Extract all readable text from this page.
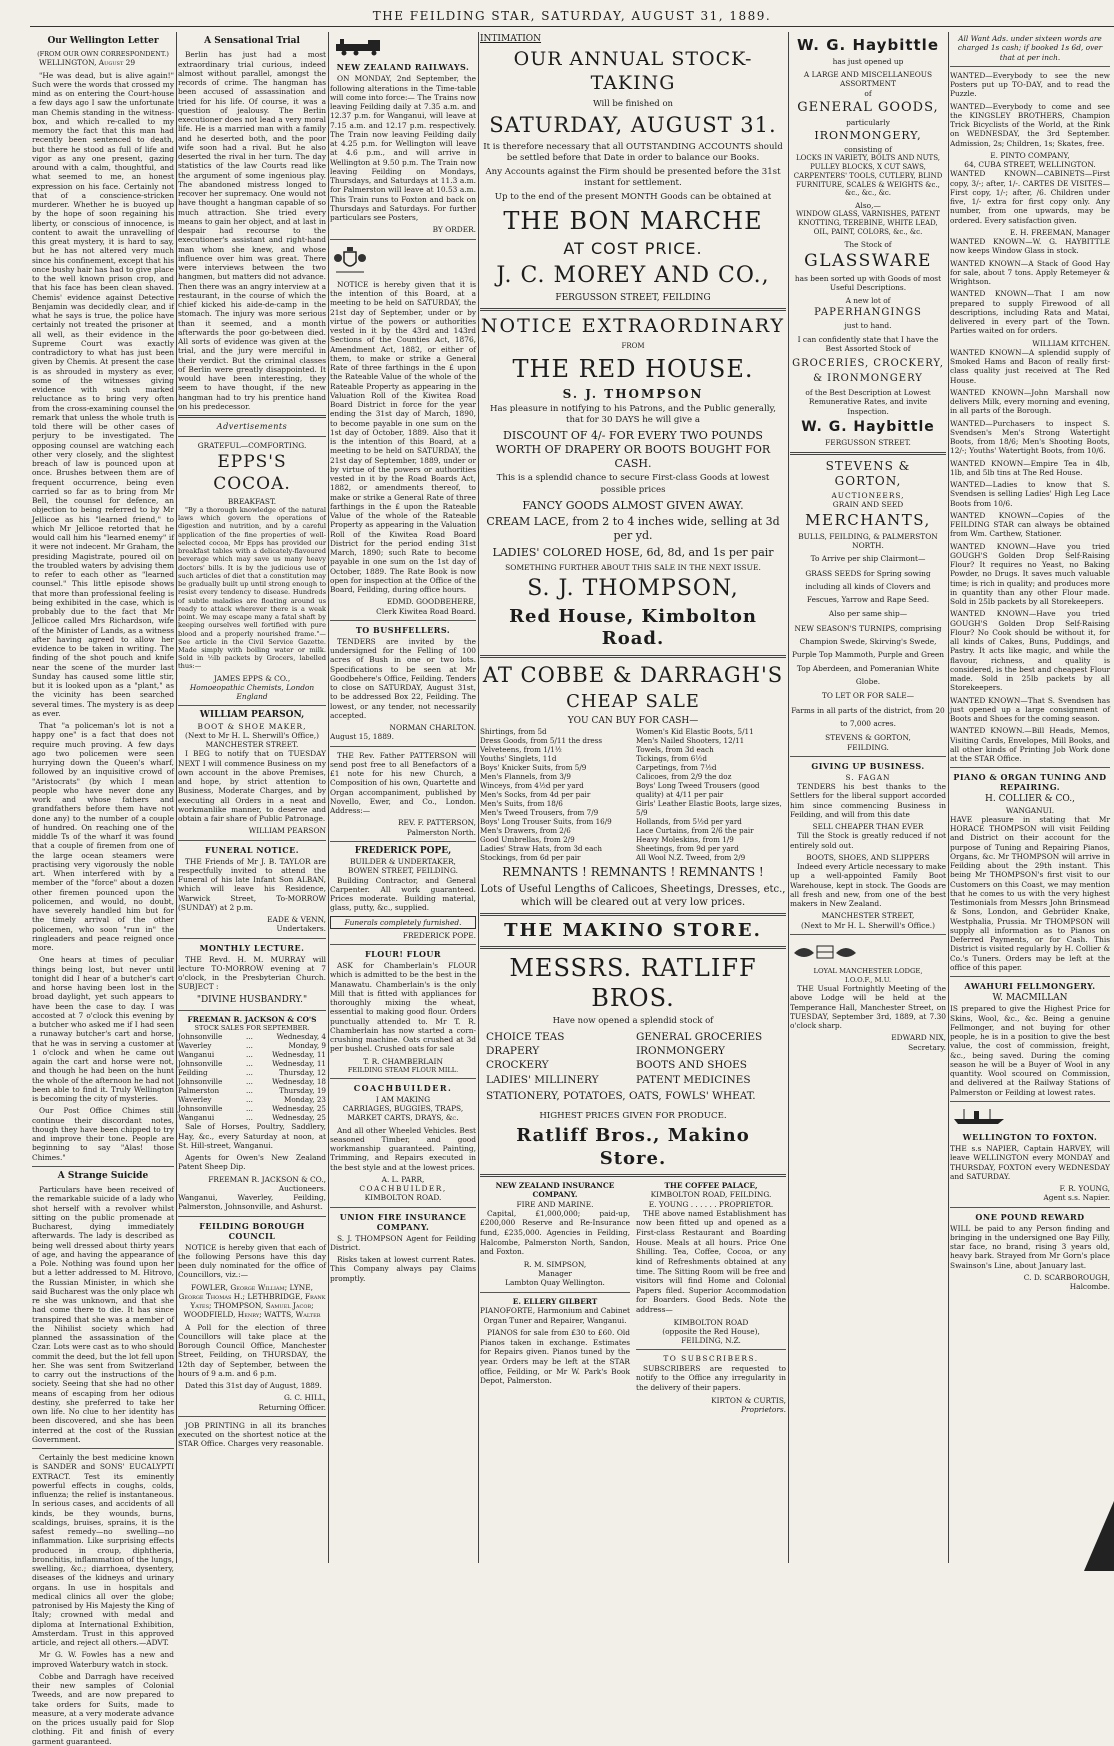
THE FEILDING STAR, SATURDAY, AUGUST 31, 1889.
Our Wellington Letter
(FROM OUR OWN CORRESPONDENT.)

WELLINGTON, August 29

"He was dead, but is alive again!" Such were the words that crossed my mind as on entering the Court-house a few days ago I saw the unfortunate man Chemis standing in the witness-box, and which re-called to my memory the fact that this man had recently been sentenced to death, but there he stood as full of life and vigor as any one present, gazing around with a calm, thoughtful, and what seemed to me, an honest expression on his face. Certainly not that of a conscience-stricken murderer. Whether he is buoyed up by the hope of soon regaining his liberty, or conscious of innocence, is content to await the unravelling of this great mystery, it is hard to say, but he has not altered very much since his confinement, except that his once bushy hair has had to give place to the well known prison crop, and that his face has been clean shaved. Chemis' evidence against Detective Benjamin was decidedly clear, and if what he says is true, the police have certainly not treated the prisoner at all well, as their evidence in the Supreme Court was exactly contradictory to what has just been given by Chemis. At present the case is as shrouded in mystery as ever, some of the witnesses giving evidence with such marked reluctance as to bring very often from the cross-examining counsel the remark that unless the whole truth is told there will be other cases of perjury to be investigated. The opposing counsel are watching each other very closely, and the slightest breach of law is pounced upon at once. Brushes between them are of frequent occurrence, being even carried so far as to bring from Mr Bell, the counsel for defence, an objection to being referred to by Mr Jellicoe as his "learned friend," to which Mr Jellicoe retorted that he would call him his "learned enemy" if it were not indecent. Mr Graham, the presiding Magistrate, poured oil on the troubled waters by advising them to refer to each other as "learned counsel." This little episode shows that more than professional feeling is being exhibited in the case, which is probably due to the fact that Mr Jellicoe called Mrs Richardson, wife of the Minister of Lands, as a witness after having agreed to allow her evidence to be taken in writing. The finding of the shot pouch and knife near the scene of the murder last Sunday has caused some little stir, but it is looked upon as a "plant," as the vicinity has been searched several times. The mystery is as deep as ever.

That "a policeman's lot is not a happy one" is a fact that does not require much proving. A few days ago two policemen were seen hurrying down the Queen's wharf, followed by an inquisitive crowd of "Aristocrats" (by which I mean people who have never done any work and whose fathers and grandfathers before them have not done any) to the number of a couple of hundred. On reaching one of the middle Ts of the wharf it was found that a couple of firemen from one of the large ocean steamers were practising very vigorously the noble art. When interfered with by a member of the "force" about a dozen other firemen pounced upon the policemen, and would, no doubt, have severely handled him but for the timely arrival of the other policemen, who soon "run in" the ringleaders and peace reigned once more.

One hears at times of peculiar things being lost, but never until tonight did I hear of a butcher's cart and horse having been lost in the broad daylight, yet such appears to have been the case to day. I was accosted at 7 o'clock this evening by a butcher who asked me if I had seen a runaway butcher's cart and horse, that he was in serving a customer at 1 o'clock and when he came out again the cart and horse were not, and though he had been on the hunt the whole of the afternoon he had not been able to find it. Truly Wellington is becoming the city of mysteries.

Our Post Office Chimes still continue their discordant notes, though they have been chipped to try and improve their tone. People are beginning to say "Alas! those Chimes."

A Strange Suicide

Particulars have been received of the remarkable suicide of a lady who shot herself with a revolver whilst sitting on the public promenade at Bucharest, dying immediately afterwards. The lady is described as being well dressed about thirty years of age, and having the appearance of a Pole. Nothing was found upon her but a letter addressed to M. Hitrovo, the Russian Minister, in which she said Bucharest was the only place wh re she was unknown, and that she had come there to die. It has since transpired that she was a member of the Nihilist society which had planned the assassination of the Czar. Lots were cast as to who should commit the deed, but the lot fell upon her. She was sent from Switzerland to carry out the instructions of the society. Seeing that she had no other means of escaping from her odious destiny, she preferred to take her own life. No clue to her identity has been discovered, and she has been interred at the cost of the Russian Government.

Certainly the best medicine known is SANDER and SONS' EUCALYPTI EXTRACT. Test its eminently powerful effects in coughs, colds, influenza; the relief is instantaneous. In serious cases, and accidents of all kinds, be they wounds, burns, scaldings, bruises, sprains, it is the safest remedy—no swelling—no inflammation. Like surprising effects produced in croup, diphtheria, bronchitis, inflammation of the lungs, swelling, &c.; diarrhoea, dysentery, diseases of the kidneys and urinary organs. In use in hospitals and medical clinics all over the globe; patronised by His Majesty the King of Italy; crowned with medal and diploma at International Exhibition, Amsterdam. Trust in this approved article, and reject all others.—ADVT.

Mr G. W. Fowles has a new and improved Waterbury watch in stock.

Cobbe and Darragh have received their new samples of Colonial Tweeds, and are now prepared to take orders for Suits, made to measure, at a very moderate advance on the prices usually paid for Slop clothing. Fit and finish of every garment guaranteed.

A Sensational Trial

Berlin has just had a most extraordinary trial curious, indeed almost without parallel, amongst the records of crime. The hangman has been accused of assassination and tried for his life. Of course, it was a question of jealousy. The Berlin executioner does not lead a very moral life. He is a married man with a family and he deserted both, and the poor wife soon had a rival. But he also deserted the rival in her turn. The day statistics of the law Courts read like the argument of some ingenious play. The abandoned mistress longed to recover her supremacy. One would not have thought a hangman capable of so much attraction. She tried every means to gain her object, and at last in despair had recourse to the executioner's assistant and right-hand man whom she knew, and whose influence over him was great. There were interviews between the two hangmen, but matters did not advance. Then there was an angry interview at a restaurant, in the course of which the chief kicked his aide-de-camp in the stomach. The injury was more serious than it seemed, and a month afterwards the poor go-between died. All sorts of evidence was given at the trial, and the jury were merciful in their verdict. But the criminal classes of Berlin were greatly disappointed. It would have been interesting, they seem to have thought, if the new hangman had to try his prentice hand on his predecessor.

Advertisements
GRATEFUL—COMFORTING.
EPPS'S COCOA.
BREAKFAST.

"By a thorough knowledge of the natural laws which govern the operations of digestion and nutrition, and by a careful application of the fine properties of well-selected cocoa, Mr Epps has provided our breakfast tables with a delicately-flavoured beverage which may save us many heavy doctors' bills. It is by the judicious use of such articles of diet that a constitution may be gradually built up until strong enough to resist every tendency to disease. Hundreds of subtle maladies are floating around us ready to attack wherever there is a weak point. We may escape many a fatal shaft by keeping ourselves well fortified with pure blood and a properly nourished frame."—See article in the Civil Service Gazette. Made simply with boiling water or milk. Sold in ½lb packets by Grocers, labelled thus:—

JAMES EPPS & CO.,
Homoeopathic Chemists, London England
WILLIAM PEARSON,
BOOT & SHOE MAKER,
(Next to Mr H. L. Sherwill's Office,)
MANCHESTER STREET.

I BEG to notify that on TUESDAY NEXT I will commence Business on my own account in the above Premises, and hope, by strict attention to Business, Moderate Charges, and by executing all Orders in a neat and workmanlike manner, to deserve and obtain a fair share of Public Patronage.

WILLIAM PEARSON
FUNERAL NOTICE.

THE Friends of Mr J. B. TAYLOR are respectfully invited to attend the Funeral of his late Infant Son ALBAN, which will leave his Residence, Warwick Street, To-MORROW (SUNDAY) at 2 p.m.

EADE & VENN,
Undertakers.
MONTHLY LECTURE.

THE Revd. H. M. MURRAY will lecture TO-MORROW evening at 7 o'clock, in the Presbyterian Church. SUBJECT :

"DIVINE HUSBANDRY."
FREEMAN R. JACKSON & CO'S
STOCK SALES FOR SEPTEMBER.
Johnsonville	...	Wednesday, 4
Waverley	...	Monday, 9
Wanganui	...	Wednesday, 11
Johnsonville	...	Wednesday, 11
Feilding	...	Thursday, 12
Johnsonville	...	Wednesday, 18
Palmerston	...	Thursday, 19
Waverley	...	Monday, 23
Johnsonville	...	Wednesday, 25
Wanganui	...	Wednesday, 25

Sale of Horses, Poultry, Saddlery, Hay, &c., every Saturday at noon, at St. Hill-street, Wanganui.

Agents for Owen's New Zealand Patent Sheep Dip.

FREEMAN R. JACKSON & CO.,
Auctioneers.

Wanganui, Waverley, Feilding, Palmerston, Johnsonville, and Ashurst.

FEILDING BOROUGH COUNCIL

NOTICE is hereby given that each of the following Persons have this day been duly nominated for the office of Councillors, viz.:—

FOWLER, George William; LYNE, George Thomas H.; LETHBRIDGE, Frank Yates; THOMPSON, Samuel Jacob; WOODFIELD, Henry; WATTS, Walter

A Poll for the election of three Councillors will take place at the Borough Council Office, Manchester Street, Feilding, on THURSDAY, the 12th day of September, between the hours of 9 a.m. and 6 p.m.

Dated this 31st day of August, 1889.

G. C. HILL,
Returning Officer.

JOB PRINTING in all its branches executed on the shortest notice at the STAR Office. Charges very reasonable.

NEW ZEALAND RAILWAYS.

ON MONDAY, 2nd September, the following alterations in the Time-table will come into force:— The Trains now leaving Feilding daily at 7.35 a.m. and 12.37 p.m. for Wanganui, will leave at 7.15 a.m. and 12.17 p.m. respectively. The Train now leaving Feilding daily at 4.25 p.m. for Wellington will leave at 4.6 p.m., and will arrive in Wellington at 9.50 p.m. The Train now leaving Feilding on Mondays, Thursdays, and Saturdays at 11.3 a.m. for Palmerston will leave at 10.53 a.m. This Train runs to Foxton and back on Thursdays and Saturdays. For further particulars see Posters,

BY ORDER.

NOTICE is hereby given that it is the intention of this Board, at a meeting to be held on SATURDAY, the 21st day of September, under or by virtue of the powers or authorities vested in it by the 43rd and 143rd Sections of the Counties Act, 1876, Amendment Act, 1882, or either of them, to make or strike a General Rate of three farthings in the £ upon the Rateable Value of the whole of the Rateable Property as appearing in the Valuation Roll of the Kiwitea Road Board District in force for the year ending the 31st day of March, 1890, to become payable in one sum on the 1st day of October, 1889. Also that it is the intention of this Board, at a meeting to be held on SATURDAY, the 21st day of September, 1889, under or by virtue of the powers or authorities vested in it by the Road Boards Act, 1882, or amendments thereof, to make or strike a General Rate of three farthings in the £ upon the Rateable Value of the whole of the Rateable Property as appearing in the Valuation Roll of the Kiwitea Road Board District for the period ending 31st March, 1890; such Rate to become payable in one sum on the 1st day of October, 1889. The Rate Book is now open for inspection at the Office of the Board, Feilding, during office hours.

EDMD. GOODBEHERE,
Clerk Kiwitea Road Board.
TO BUSHFELLERS.

TENDERS are invited by the undersigned for the Felling of 100 acres of Bush in one or two lots. Specifications to be seen at Mr Goodbehere's Office, Feilding. Tenders to close on SATURDAY, August 31st, to be addressed Box 22, Feilding. The lowest, or any tender, not necessarily accepted.

NORMAN CHARLTON.

August 15, 1889.

THE Rev. Father PATTERSON will send post free to all Benefactors of a £1 note for his new Church, a Composition of his own, Quartette and Organ accompaniment, published by Novello, Ewer, and Co., London. Address:—

REV. F. PATTERSON,
Palmerston North.
FREDERICK POPE,
BUILDER & UNDERTAKER,
BOWEN STREET, FEILDING.

Building Contractor, and General Carpenter. All work guaranteed. Prices moderate. Building material, glass, putty, &c., supplied.

Funerals completely furnished.
FREDERICK POPE.
FLOUR! FLOUR

ASK for Chamberlain's FLOUR which is admitted to be the best in the Manawatu. Chamberlain's is the only Mill that is fitted with appliances for thoroughly mixing the wheat, essential to making good flour. Orders punctually attended to. Mr T. R. Chamberlain has now started a corn-crushing machine. Oats crushed at 3d per bushel. Crushed oats for sale

T. R. CHAMBERLAIN
FEILDING STEAM FLOUR MILL.
COACHBUILDER.
I AM MAKING

CARRIAGES, BUGGIES, TRAPS, MARKET CARTS, DRAYS, &c.

And all other Wheeled Vehicles. Best seasoned Timber, and good workmanship guaranteed. Painting, Trimming, and Repairs executed in the best style and at the lowest prices.

A. L. PARR,
COACHBUILDER,
KIMBOLTON ROAD.
UNION FIRE INSURANCE COMPANY.

S. J. THOMPSON Agent for Feilding District.

Risks taken at lowest current Rates. This Company always pay Claims promptly.

INTIMATION
OUR ANNUAL STOCK-TAKING
Will be finished on
SATURDAY, AUGUST 31.

It is therefore necessary that all OUTSTANDING ACCOUNTS should be settled before that Date in order to balance our Books.

Any Accounts against the Firm should be presented before the 31st instant for settlement.

Up to the end of the present MONTH Goods can be obtained at

THE BON MARCHE
AT COST PRICE.
J. C. MOREY AND CO.,
FERGUSSON STREET, FEILDING
NOTICE EXTRAORDINARY
FROM
THE RED HOUSE.
S. J. THOMPSON

Has pleasure in notifying to his Patrons, and the Public generally, that for 30 DAYS he will give a

DISCOUNT OF 4/- FOR EVERY TWO POUNDS WORTH OF DRAPERY OR BOOTS BOUGHT FOR CASH.

This is a splendid chance to secure First-class Goods at lowest possible prices

FANCY GOODS ALMOST GIVEN AWAY.
CREAM LACE, from 2 to 4 inches wide, selling at 3d per yd.
LADIES' COLORED HOSE, 6d, 8d, and 1s per pair

SOMETHING FURTHER ABOUT THIS SALE IN THE NEXT ISSUE.

S. J. THOMPSON,
Red House, Kimbolton Road.
AT COBBE & DARRAGH'S
CHEAP SALE
YOU CAN BUY FOR CASH—
Shirtings, from 5d
Dress Goods, from 5/11 the dress
Velveteens, from 1/1½
Youths' Singlets, 11d
Boys' Knicker Suits, from 5/9
Men's Flannels, from 3/9
Winceys, from 4½d per yard
Men's Socks, from 4d per pair
Men's Suits, from 18/6
Men's Tweed Trousers, from 7/9
Boys' Long Trouser Suits, from 16/9
Men's Drawers, from 2/6
Good Umbrellas, from 2/9
Ladies' Straw Hats, from 3d each
Stockings, from 6d per pair
Women's Kid Elastic Boots, 5/11
Men's Nailed Shooters, 12/11
Towels, from 3d each
Tickings, from 6½d
Carpetings, from 7½d
Calicoes, from 2/9 the doz
Boys' Long Tweed Trousers (good quality) at 4/11 per pair
Girls' Leather Elastic Boots, large sizes, 5/9
Hollands, from 5½d per yard
Lace Curtains, from 2/6 the pair
Heavy Moleskins, from 1/9
Sheetings, from 9d per yard
All Wool N.Z. Tweed, from 2/9
REMNANTS ! REMNANTS ! REMNANTS !

Lots of Useful Lengths of Calicoes, Sheetings, Dresses, etc., which will be cleared out at very low prices.

THE MAKINO STORE.
MESSRS. RATLIFF BROS.
Have now opened a splendid stock of
CHOICE TEAS
DRAPERY
CROCKERY
LADIES' MILLINERY
GENERAL GROCERIES
IRONMONGERY
BOOTS AND SHOES
PATENT MEDICINES
STATIONERY, POTATOES, OATS, FOWLS' WHEAT.

HIGHEST PRICES GIVEN FOR PRODUCE.

Ratliff Bros., Makino Store.
NEW ZEALAND INSURANCE COMPANY.
FIRE AND MARINE.

Capital, £1,000,000; paid-up, £200,000 Reserve and Re-Insurance fund, £235,000. Agencies in Feilding, Halcombe, Palmerston North, Sandon, and Foxton.

R. M. SIMPSON,
Manager
Lambton Quay Wellington.
E. ELLERY GILBERT

PIANOFORTE, Harmonium and Cabinet Organ Tuner and Repairer, Wanganui.

PIANOS for sale from £30 to £60. Old Pianos taken in exchange. Estimates for Repairs given. Pianos tuned by the year. Orders may be left at the STAR office, Feilding, or Mr W. Park's Book Depot, Palmerston.

THE COFFEE PALACE,
KIMBOLTON ROAD, FEILDING.
E. YOUNG . . . . . . PROPRIETOR.

THE above named Establishment has now been fitted up and opened as a First-class Restaurant and Boarding House. Meals at all hours. Price One Shilling. Tea, Coffee, Cocoa, or any kind of Refreshments obtained at any time. The Sitting Room will be free and visitors will find Home and Colonial Papers filed. Superior Accommodation for Boarders. Good Beds. Note the address—

KIMBOLTON ROAD
(opposite the Red House),
FEILDING, N.Z.
TO SUBSCRIBERS.

SUBSCRIBERS are requested to notify to the Office any irregularity in the delivery of their papers.

KIRTON & CURTIS,
Proprietors.
W. G. Haybittle
has just opened up
A LARGE AND MISCELLANEOUS ASSORTMENT
of
GENERAL GOODS,
particularly
IRONMONGERY,
consisting of

LOCKS IN VARIETY, BOLTS AND NUTS, PULLEY BLOCKS, X CUT SAWS, CARPENTERS' TOOLS, CUTLERY, BLIND FURNITURE, SCALES & WEIGHTS &c., &c., &c., &c.

Also,—

WINDOW GLASS, VARNISHES, PATENT KNOTTING, TEREBINE, WHITE LEAD, OIL, PAINT, COLORS, &c., &c.

The Stock of
GLASSWARE

has been sorted up with Goods of most Useful Descriptions.

A new lot of
PAPERHANGINGS
just to hand.

I can confidently state that I have the Best Assorted Stock of

GROCERIES, CROCKERY, & IRONMONGERY

of the Best Description at Lowest Remunerative Rates, and invite Inspection.

W. G. Haybittle
FERGUSSON STREET.
STEVENS & GORTON,
AUCTIONEERS,
GRAIN AND SEED
MERCHANTS,
BULLS, FEILDING, & PALMERSTON NORTH.

To Arrive per ship Clairmont—

GRASS SEEDS for Spring sowing including all kinds of Clovers and Fescues, Yarrow and Rape Seed.

Also per same ship—

NEW SEASON'S TURNIPS, comprising Champion Swede, Skirving's Swede, Purple Top Mammoth, Purple and Green Top Aberdeen, and Pomeranian White Globe.

TO LET OR FOR SALE—

Farms in all parts of the district, from 20 to 7,000 acres.

STEVENS & GORTON,
FEILDING.
GIVING UP BUSINESS.
S. FAGAN

TENDERS his best thanks to the Settlers for the liberal support accorded him since commencing Business in Feilding, and will from this date

SELL CHEAPER THAN EVER

Till the Stock is greatly reduced if not entirely sold out.

BOOTS, SHOES, AND SLIPPERS

Indeed every Article necessary to make up a well-appointed Family Boot Warehouse, kept in stock. The Goods are all fresh and new, from one of the best makers in New Zealand.

MANCHESTER STREET,
(Next to Mr H. L. Sherwill's Office.)
LOYAL MANCHESTER LODGE,
I.O.O.F., M.U.

THE Usual Fortnightly Meeting of the above Lodge will be held at the Temperance Hall, Manchester Street, on TUESDAY, September 3rd, 1889, at 7.30 o'clock sharp.

EDWARD NIX,
Secretary.

All Want Ads. under sixteen words are charged 1s cash; if booked 1s 6d, over that at per inch.

WANTED—Everybody to see the new Posters put up TO-DAY, and to read the Puzzle.

WANTED—Everybody to come and see the KINGSLEY BROTHERS, Champion Trick Bicyclists of the World, at the Rink on WEDNESDAY, the 3rd September. Admission, 2s; Children, 1s; Skates, free.

E. PINTO COMPANY,
64, CUBA STREET, WELLINGTON.

WANTED KNOWN—CABINETS—First copy, 3/-; after, 1/-. CARTES DE VISITES—First copy, 1/-; after, /6. Children under five, 1/- extra for first copy only. Any number, from one upwards, may be ordered. Every satisfaction given.

E. H. FREEMAN, Manager

WANTED KNOWN—W. G. HAYBITTLE now keeps Window Glass in stock.

WANTED KNOWN—A Stack of Good Hay for sale, about 7 tons. Apply Retemeyer & Wrightson.

WANTED KNOWN—That I am now prepared to supply Firewood of all descriptions, including Rata and Matai, delivered in every part of the Town. Parties waited on for orders.

WILLIAM KITCHEN.

WANTED KNOWN—A splendid supply of Smoked Hams and Bacon of really first-class quality just received at The Red House.

WANTED KNOWN—John Marshall now delivers Milk, every morning and evening, in all parts of the Borough.

WANTED—Purchasers to inspect S. Svendsen's Men's Strong Watertight Boots, from 18/6; Men's Shooting Boots, 12/-; Youths' Watertight Boots, from 10/6.

WANTED KNOWN—Empire Tea in 4lb, 1lb, and 5lb tins at The Red House.

WANTED—Ladies to know that S. Svendsen is selling Ladies' High Leg Lace Boots from 10/6.

WANTED KNOWN—Copies of the FEILDING STAR can always be obtained from Wm. Carthew, Stationer.

WANTED KNOWN—Have you tried GOUGH'S Golden Drop Self-Raising Flour? It requires no Yeast, no Baking Powder, no Drugs. It saves much valuable time; is rich in quality; and produces more in quantity than any other Flour made. Sold in 25lb packets by all Storekeepers.

WANTED KNOWN—Have you tried GOUGH'S Golden Drop Self-Raising Flour? No Cook should be without it, for all kinds of Cakes, Buns, Puddings, and Pastry. It acts like magic, and while the flavour, richness, and quality is considered, is the best and cheapest Flour made. Sold in 25lb packets by all Storekeepers.

WANTED KNOWN—That S. Svendsen has just opened up a large consignment of Boots and Shoes for the coming season.

WANTED KNOWN.—Bill Heads, Memos, Visiting Cards, Envelopes, Mill Books, and all other kinds of Printing Job Work done at the STAR Office.

PIANO & ORGAN TUNING AND REPAIRING.
H. COLLIER & CO.,
WANGANUI.

HAVE pleasure in stating that Mr HORACE THOMPSON will visit Feilding and District on their account for the purpose of Tuning and Repairing Pianos, Organs, &c. Mr THOMPSON will arrive in Feilding about the 29th instant. This being Mr THOMPSON's first visit to our Customers on this Coast, we may mention that he comes to us with the very highest Testimonials from Messrs John Brinsmead & Sons, London, and Gebrüder Knake, Westphalia, Prussia. Mr THOMPSON will supply all information as to Pianos on Deferred Payments, or for Cash. This District is visited regularly by H. Collier & Co.'s Tuners. Orders may be left at the office of this paper.

AWAHURI FELLMONGERY.
W. MACMILLAN

IS prepared to give the Highest Price for Skins, Wool, &c., &c. Being a genuine Fellmonger, and not buying for other people, he is in a position to give the best value, the cost of commission, freight, &c., being saved. During the coming season he will be a Buyer of Wool in any quantity. Wool scoured on Commission, and delivered at the Railway Stations of Palmerston or Feilding at lowest rates.

WELLINGTON TO FOXTON.

THE s.s NAPIER, Captain HARVEY, will leave WELLINGTON every MONDAY and THURSDAY, FOXTON every WEDNESDAY and SATURDAY.

F. R. YOUNG,
Agent s.s. Napier.
ONE POUND REWARD

WILL be paid to any Person finding and bringing in the undersigned one Bay Filly, star face, no brand, rising 3 years old, heavy bark. Strayed from Mr Gorn's place Swainson's Line, about January last.

C. D. SCARBOROUGH,
Halcombe.
